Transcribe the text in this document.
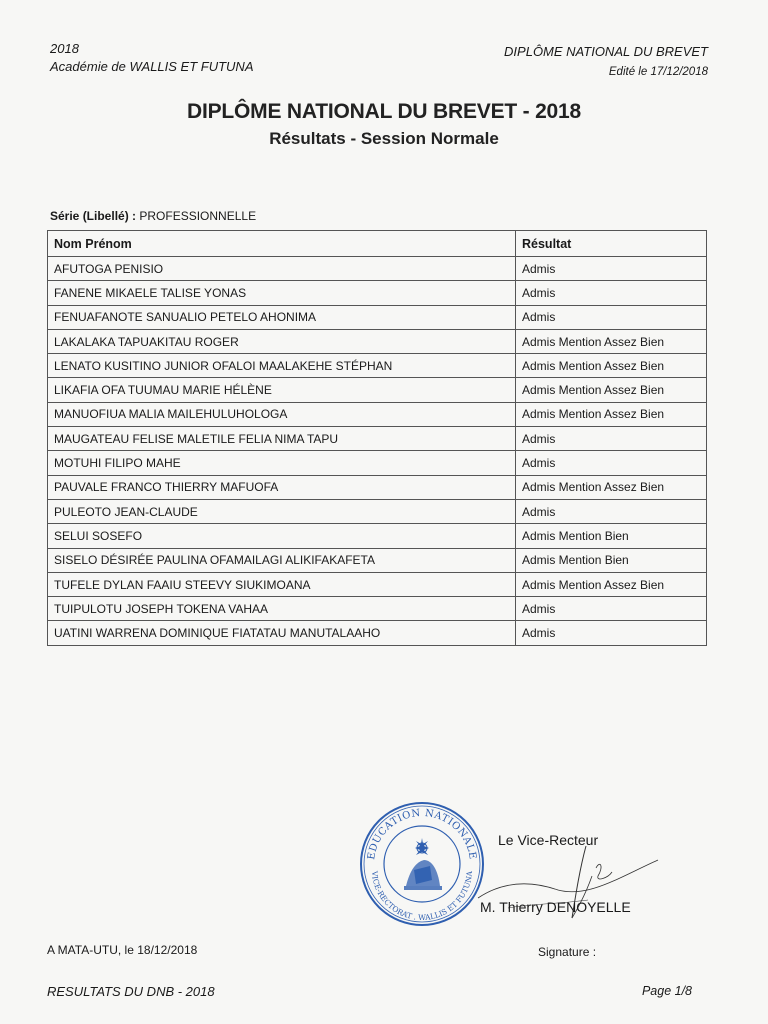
2018
Académie de WALLIS ET FUTUNA
DIPLÔME NATIONAL DU BREVET
Edité le 17/12/2018
DIPLÔME NATIONAL DU BREVET - 2018
Résultats - Session Normale
Série (Libellé) : PROFESSIONNELLE
Nom Prénom	Résultat
AFUTOGA PENISIO	Admis
FANENE MIKAELE TALISE YONAS	Admis
FENUAFANOTE SANUALIO PETELO AHONIMA	Admis
LAKALAKA TAPUAKITAU ROGER	Admis Mention Assez Bien
LENATO KUSITINO JUNIOR OFALOI MAALAKEHE STÉPHAN	Admis Mention Assez Bien
LIKAFIA OFA TUUMAU MARIE HÉLÈNE	Admis Mention Assez Bien
MANUOFIUA MALIA MAILEHULUHOLOGA	Admis Mention Assez Bien
MAUGATEAU FELISE MALETILE FELIA NIMA TAPU	Admis
MOTUHI FILIPO MAHE	Admis
PAUVALE FRANCO THIERRY MAFUOFA	Admis Mention Assez Bien
PULEOTO JEAN-CLAUDE	Admis
SELUI SOSEFO	Admis Mention Bien
SISELO DÉSIRÉE PAULINA OFAMAILAGI ALIKIFAKAFETA	Admis Mention Bien
TUFELE DYLAN FAAIU STEEVY SIUKIMOANA	Admis Mention Assez Bien
TUIPULOTU JOSEPH TOKENA VAHAA	Admis
UATINI WARRENA DOMINIQUE FIATATAU MANUTALAAHO	Admis
EDUCATION NATIONALE
VICE-RECTORAT . WALLIS ET FUTUNA
Le Vice-Recteur
M. Thierry DENOYELLE
A MATA-UTU, le 18/12/2018	Signature :
RESULTATS DU DNB - 2018	Page 1/8
